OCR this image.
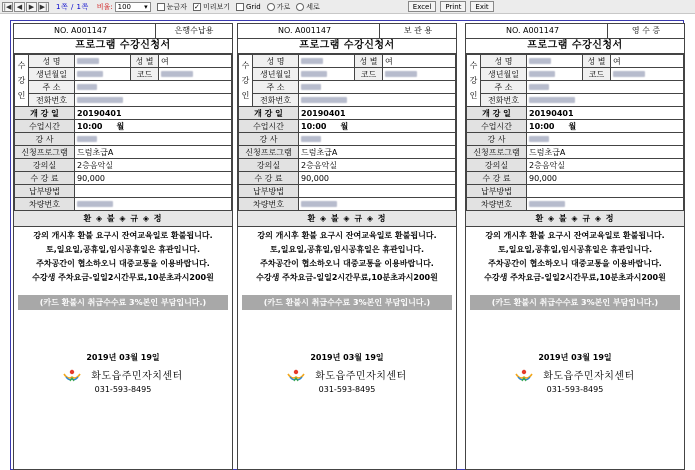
|◀ ◀ ▶ ▶| 1쪽 / 1쪽 비율: 100 ▾	눈금자 ✓ 미리보기 Grid 가로 세로	Excel	Print	Exit
NO. A001147	은행수납용
프로그램 수강신청서
수강인	성 명		성 별	여
	생년월일		코드	
	주 소			
	전화번호			
개 강 일	20190401	
수업시간	10:00	월
강 사		
신청프로그램	드럼초급A	
강의실	2층음악실	
수 강 료	90,000	
납부방법		
차량번호		
환 ◈ 불 ◈ 규 ◈ 정
강의 개시후 환불 요구시 잔여교육일로 환불됩니다.
토,일요일,공휴일,임시공휴일은 휴관입니다.
주차공간이 협소하오니 대중교통을 이용바랍니다.
수강생 주차요금-일일2시간무료,10분초과시200원
(카드 환불시 취급수수료 3%본인 부담입니다.)
2019년 03월 19일
화도읍주민자치센터
031-593-8495
NO. A001147	보 관 용
프로그램 수강신청서
수강인	성 명		성 별	여
	생년월일		코드	
	주 소			
	전화번호			
개 강 일	20190401	
수업시간	10:00	월
강 사		
신청프로그램	드럼초급A	
강의실	2층음악실	
수 강 료	90,000	
납부방법		
차량번호		
환 ◈ 불 ◈ 규 ◈ 정
강의 개시후 환불 요구시 잔여교육일로 환불됩니다.
토,일요일,공휴일,임시공휴일은 휴관입니다.
주차공간이 협소하오니 대중교통을 이용바랍니다.
수강생 주차요금-일일2시간무료,10분초과시200원
(카드 환불시 취급수수료 3%본인 부담입니다.)
2019년 03월 19일
화도읍주민자치센터
031-593-8495
NO. A001147	영 수 증
프로그램 수강신청서
수강인	성 명		성 별	여
	생년월일		코드	
	주 소			
	전화번호			
개 강 일	20190401	
수업시간	10:00	월
강 사		
신청프로그램	드럼초급A	
강의실	2층음악실	
수 강 료	90,000	
납부방법		
차량번호		
환 ◈ 불 ◈ 규 ◈ 정
강의 개시후 환불 요구시 잔여교육일로 환불됩니다.
토,일요일,공휴일,임시공휴일은 휴관입니다.
주차공간이 협소하오니 대중교통을 이용바랍니다.
수강생 주차요금-일일2시간무료,10분초과시200원
(카드 환불시 취급수수료 3%본인 부담입니다.)
2019년 03월 19일
화도읍주민자치센터
031-593-8495
